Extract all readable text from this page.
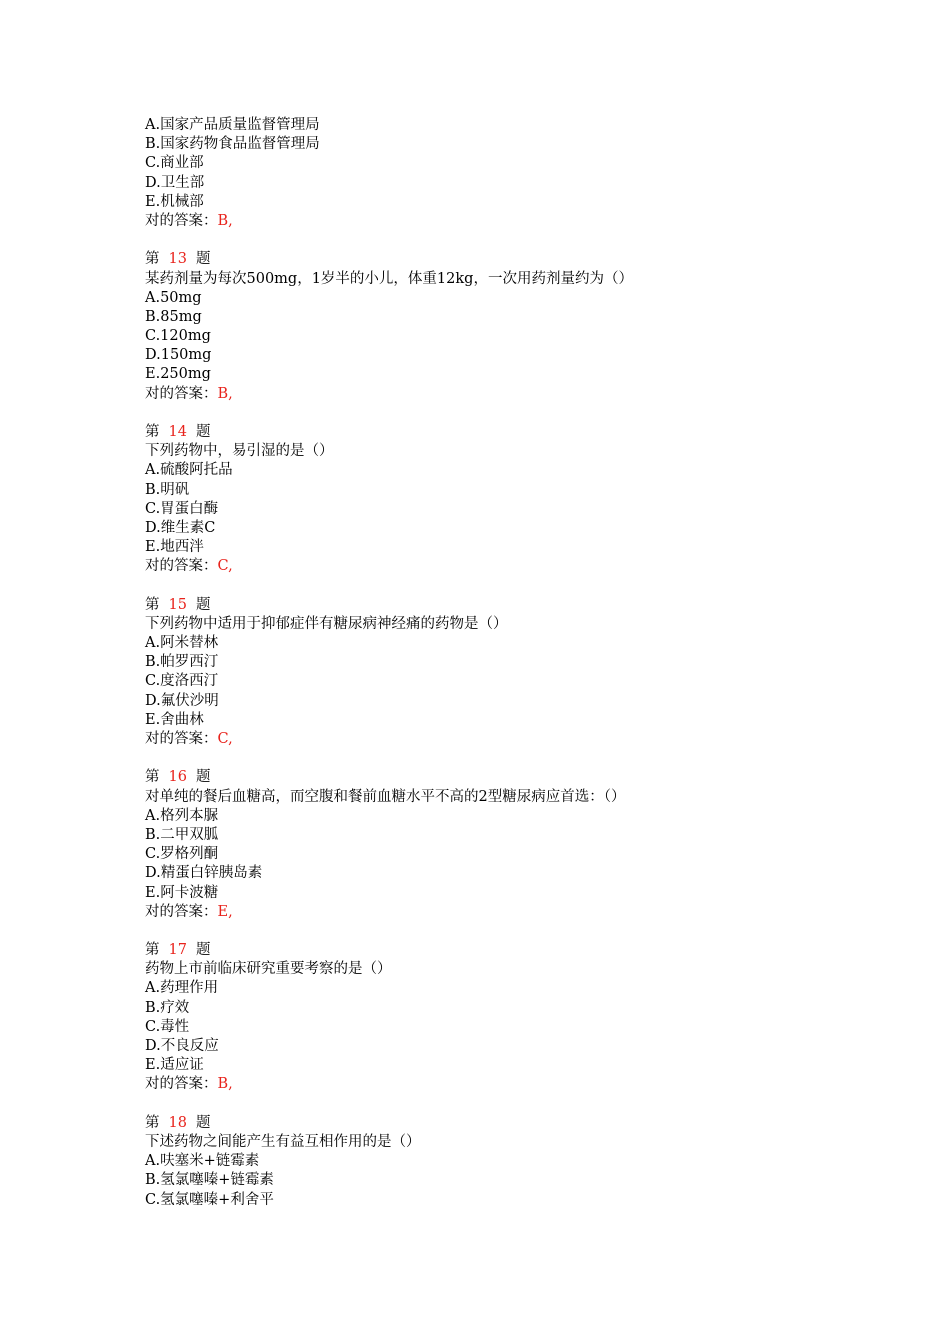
A.国家产品质量监督管理局
B.国家药物食品监督管理局
C.商业部
D.卫生部
E.机械部
对的答案：B,
第 13 题
某药剂量为每次500mg，1岁半的小儿，体重12kg，一次用药剂量约为（）
A.50mg
B.85mg
C.120mg
D.150mg
E.250mg
对的答案：B,
第 14 题
下列药物中，易引湿的是（）
A.硫酸阿托品
B.明矾
C.胃蛋白酶
D.维生素C
E.地西泮
对的答案：C,
第 15 题
下列药物中适用于抑郁症伴有糖尿病神经痛的药物是（）
A.阿米替林
B.帕罗西汀
C.度洛西汀
D.氟伏沙明
E.舍曲林
对的答案：C,
第 16 题
对单纯的餐后血糖高，而空腹和餐前血糖水平不高的2型糖尿病应首选：（）
A.格列本脲
B.二甲双胍
C.罗格列酮
D.精蛋白锌胰岛素
E.阿卡波糖
对的答案：E,
第 17 题
药物上市前临床研究重要考察的是（）
A.药理作用
B.疗效
C.毒性
D.不良反应
E.适应证
对的答案：B,
第 18 题
下述药物之间能产生有益互相作用的是（）
A.呋塞米+链霉素
B.氢氯噻嗪+链霉素
C.氢氯噻嗪+利舍平
